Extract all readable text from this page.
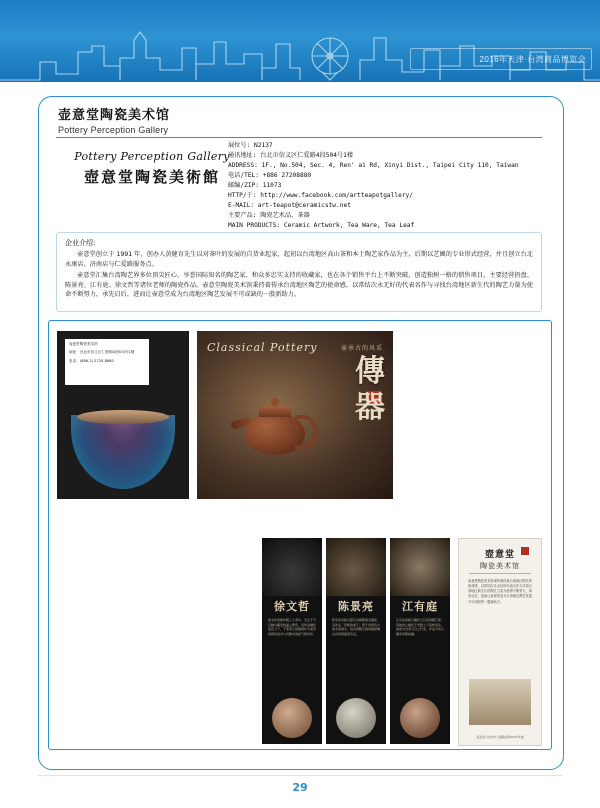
2016年天津·台湾商品博览会
壶意堂陶瓷美术馆
Pottery Perception Gallery
Pottery Perception Gallery
壺意堂陶瓷美術館
展位号: N2137
通讯地址: 台北市信义区仁爱路4段504号1楼
ADDRESS: 1F., No.504, Sec. 4, Ren' ai Rd, Xinyi Dist., Taipei City 110, Taiwan
电话/TEL: +886 27208880
邮编/ZIP: 11073
HTTP/于: http://www.facebook.com/artteapotgallery/
E-MAIL: art-teapot@ceramicstw.net
主要产品: 陶瓷艺术品、茶器
MAIN PRODUCTS: Ceramic Artwork, Tea Ware, Tea Leaf
企业介绍:

壶意堂创立于 1991 年，创办人黄健育先生以对茶叶的发展的自货业起家，起初以台湾地区高山茶和本土陶艺家作品为主，后期以艺圃的专业形式经营，并且创立台北永康店、济南店与仁爱路服务点。

壶意堂汇集台湾陶艺界多位顶尖匠心、享誉国际知名的陶艺家，和众多忠实支持的收藏家，也在各个销售平台上不断突破，创造独树一格的销售项目，主要经营扔盘、陈景亮、江有庭、徐文哲等诸位老师的陶瓷作品。壶意堂陶瓷美术馆秉持着传承台湾地区陶艺的使命感，以常结次永无好的代表名作与寻找台湾地区新生代的陶艺力量为使命不断努力，承先启后，进而让壶意堂成为台湾地区陶艺发展不可或缺的一股新助力。

壶意堂陶瓷美术馆
地址：台北市信义区仁爱路4段504号1楼
电话：(886-2) 2720-8880
Classical Pottery	壶承古的风采
傳
器
徐文哲
徐文哲老师作陶三十余年，专注于天目釉与曜变结晶之研究，其作品釉色变化万千，于茶席之间展现东方美学的极致追求与沉静内敛的气韵风华。
陈景亮
陈景亮老师以超写实陶塑闻名国际，其作品「亮师的桌子」曾于世界各大美术馆展出，将台湾陶艺推向国际舞台并获得高度肯定。
江有庭
江有庭老师以藏色天目享誉陶艺界，其独创之釉色于光影之下流转变化，被誉为台湾天目之代表，作品为各大藏家竞相收藏。
壺意堂
陶瓷美术馆
壶意堂陶瓷美术馆秉持着传承台湾地区陶艺的使命感，以常结次永无好的代表名作与寻找台湾地区新生代的陶艺力量为使命不断努力，承先启后，进而让壶意堂成为台湾地区陶艺发展不可或缺的一股新助力。
壶意堂 台北市仁爱路四段504号1楼
29
